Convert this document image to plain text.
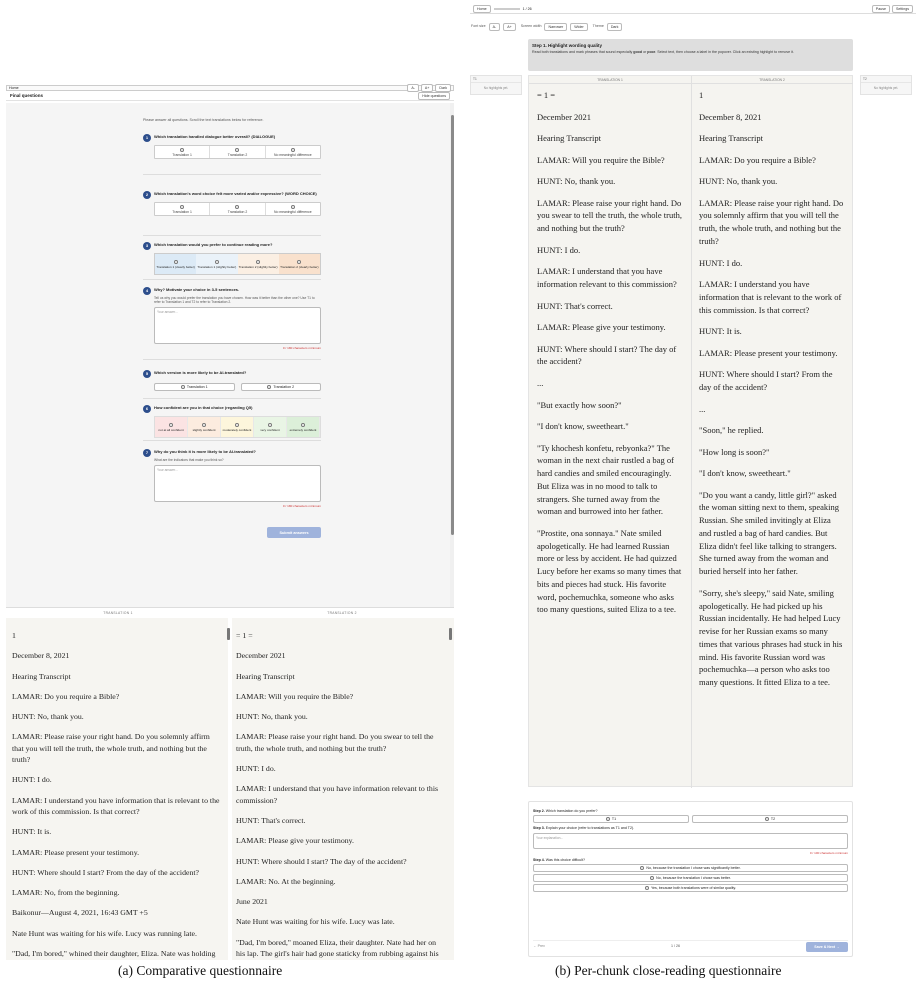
Home	A-	A+	Dark
Final questions	Hide questions
Please answer all questions. Scroll the text translations below for reference.
1	Which translation handled dialogue better overall? (DIALOGUE)
Translation 1	Translation 2	No meaningful difference
2	Which translation's word choice felt more varied and/or expressive? (WORD CHOICE)
Translation 1	Translation 2	No meaningful difference
3	Which translation would you prefer to continue reading more?
Translation 1 (clearly better) Translation 1 (slightly better) Translation 2 (slightly better) Translation 2 (clearly better)
4	Why? Motivate your choice in 3-5 sentences.
Tell us why you would prefer the translation you have chosen. How was it better than the other one? Use T1 to refer to Translation 1 and T2 to refer to Translation 2.
Your answer...
0 / 180 characters minimum
5	Which version is more likely to be AI-translated?
Translation 1	Translation 2
6	How confident are you in that choice (regarding Q5)
not at all confident	slightly confident moderately confident	very confident	extremely confident
7	Why do you think it is more likely to be AI-translated?
What are the indicators that make you think so?
Your answer...
0 / 180 characters minimum
Submit answers
TRANSLATION 1	TRANSLATION 2

1

December 8, 2021

Hearing Transcript

LAMAR: Do you require a Bible?

HUNT: No, thank you.

LAMAR: Please raise your right hand. Do you solemnly affirm that you will tell the truth, the whole truth, and nothing but the truth?

HUNT: I do.

LAMAR: I understand you have information that is relevant to the work of this commission. Is that correct?

HUNT: It is.

LAMAR: Please present your testimony.

HUNT: Where should I start? From the day of the accident?

LAMAR: No, from the beginning.

Baikonur—August 4, 2021, 16:43 GMT +5

Nate Hunt was waiting for his wife. Lucy was running late.

"Dad, I'm bored," whined their daughter, Eliza. Nate was holding

= 1 =

December 2021

Hearing Transcript

LAMAR: Will you require the Bible?

HUNT: No, thank you.

LAMAR: Please raise your right hand. Do you swear to tell the truth, the whole truth, and nothing but the truth?

HUNT: I do.

LAMAR: I understand that you have information relevant to this commission?

HUNT: That's correct.

LAMAR: Please give your testimony.

HUNT: Where should I start? The day of the accident?

LAMAR: No. At the beginning.

June 2021

Nate Hunt was waiting for his wife. Lucy was late.

"Dad, I'm bored," moaned Eliza, their daughter. Nate had her on his lap. The girl's hair had gone staticky from rubbing against his

Home	1 / 26	Pause	Settings
Font size	A-	A+	Screen width	Narrower	Wider	Theme	Dark
Step 1. Highlight wording quality
Read both translations and mark phrases that sound especially good or poor. Select text, then choose a label in the popover. Click an existing highlight to remove it.
T1
No highlights yet.
T2
No highlights yet.
TRANSLATION 1	TRANSLATION 2

= 1 =

December 2021

Hearing Transcript

LAMAR: Will you require the Bible?

HUNT: No, thank you.

LAMAR: Please raise your right hand. Do you swear to tell the truth, the whole truth, and nothing but the truth?

HUNT: I do.

LAMAR: I understand that you have information relevant to this commission?

HUNT: That's correct.

LAMAR: Please give your testimony.

HUNT: Where should I start? The day of the accident?

...

"But exactly how soon?"

"I don't know, sweetheart."

"Ty khochesh konfetu, rebyonka?" The woman in the next chair rustled a bag of hard candies and smiled encouragingly. But Eliza was in no mood to talk to strangers. She turned away from the woman and burrowed into her father.

"Prostite, ona sonnaya." Nate smiled apologetically. He had learned Russian more or less by accident. He had quizzed Lucy before her exams so many times that bits and pieces had stuck. His favorite word, pochemuchka, someone who asks too many questions, suited Eliza to a tee.

1

December 8, 2021

Hearing Transcript

LAMAR: Do you require a Bible?

HUNT: No, thank you.

LAMAR: Please raise your right hand. Do you solemnly affirm that you will tell the truth, the whole truth, and nothing but the truth?

HUNT: I do.

LAMAR: I understand you have information that is relevant to the work of this commission. Is that correct?

HUNT: It is.

LAMAR: Please present your testimony.

HUNT: Where should I start? From the day of the accident?

...

"Soon," he replied.

"How long is soon?"

"I don't know, sweetheart."

"Do you want a candy, little girl?" asked the woman sitting next to them, speaking Russian. She smiled invitingly at Eliza and rustled a bag of hard candies. But Eliza didn't feel like talking to strangers. She turned away from the woman and buried herself into her father.

"Sorry, she's sleepy," said Nate, smiling apologetically. He had picked up his Russian incidentally. He had helped Lucy revise for her Russian exams so many times that various phrases had stuck in his mind. His favorite Russian word was pochemuchka—a person who asks too many questions. It fitted Eliza to a tee.

Step 2. Which translation do you prefer?
T1	T2
Step 3. Explain your choice (refer to translations as T1 and T2).
Your explanation...
0 / 100 characters minimum
Step 4. Was this choice difficult?
No, because the translation I chose was significantly better.
No, because the translation I chose was better.
Yes, because both translations were of similar quality.
← Prev	1 / 26	Save & Next →
(a) Comparative questionnaire	(b) Per-chunk close-reading questionnaire
